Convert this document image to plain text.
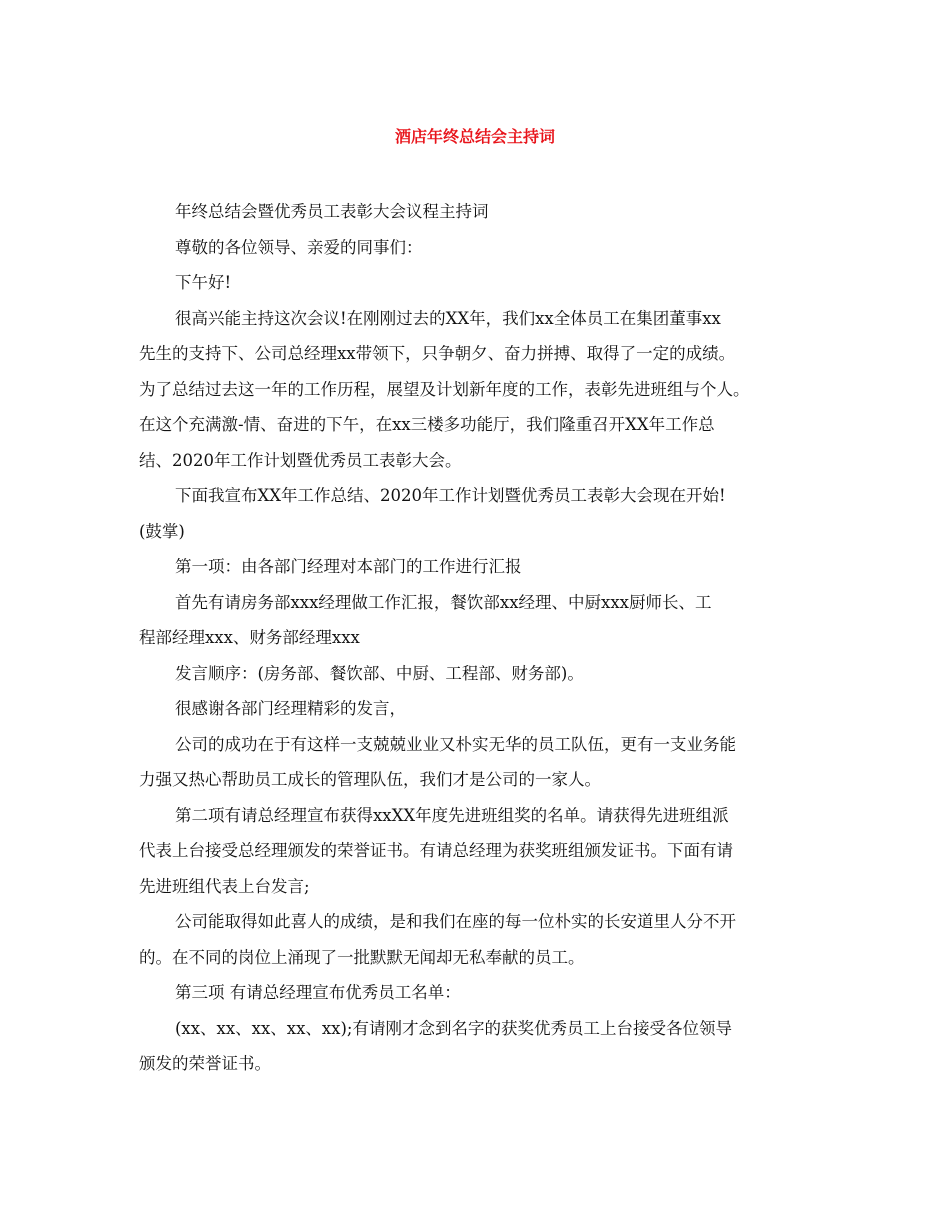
酒店年终总结会主持词

年终总结会暨优秀员工表彰大会议程主持词

尊敬的各位领导、亲爱的同事们：

下午好!

很高兴能主持这次会议!在刚刚过去的XX年，我们xx全体员工在集团董事xx
先生的支持下、公司总经理xx带领下，只争朝夕、奋力拼搏、取得了一定的成绩。
为了总结过去这一年的工作历程，展望及计划新年度的工作，表彰先进班组与个人。
在这个充满激-情、奋进的下午，在xx三楼多功能厅，我们隆重召开XX年工作总
结、2020年工作计划暨优秀员工表彰大会。

下面我宣布XX年工作总结、2020年工作计划暨优秀员工表彰大会现在开始!
(鼓掌)

第一项：由各部门经理对本部门的工作进行汇报

首先有请房务部xxx经理做工作汇报，餐饮部xx经理、中厨xxx厨师长、工
程部经理xxx、财务部经理xxx

发言顺序：(房务部、餐饮部、中厨、工程部、财务部)。

很感谢各部门经理精彩的发言，

公司的成功在于有这样一支兢兢业业又朴实无华的员工队伍，更有一支业务能
力强又热心帮助员工成长的管理队伍，我们才是公司的一家人。

第二项有请总经理宣布获得xxXX年度先进班组奖的名单。请获得先进班组派
代表上台接受总经理颁发的荣誉证书。有请总经理为获奖班组颁发证书。下面有请
先进班组代表上台发言;

公司能取得如此喜人的成绩，是和我们在座的每一位朴实的长安道里人分不开
的。在不同的岗位上涌现了一批默默无闻却无私奉献的员工。

第三项 有请总经理宣布优秀员工名单：

(xx、xx、xx、xx、xx);有请刚才念到名字的获奖优秀员工上台接受各位领导
颁发的荣誉证书。
